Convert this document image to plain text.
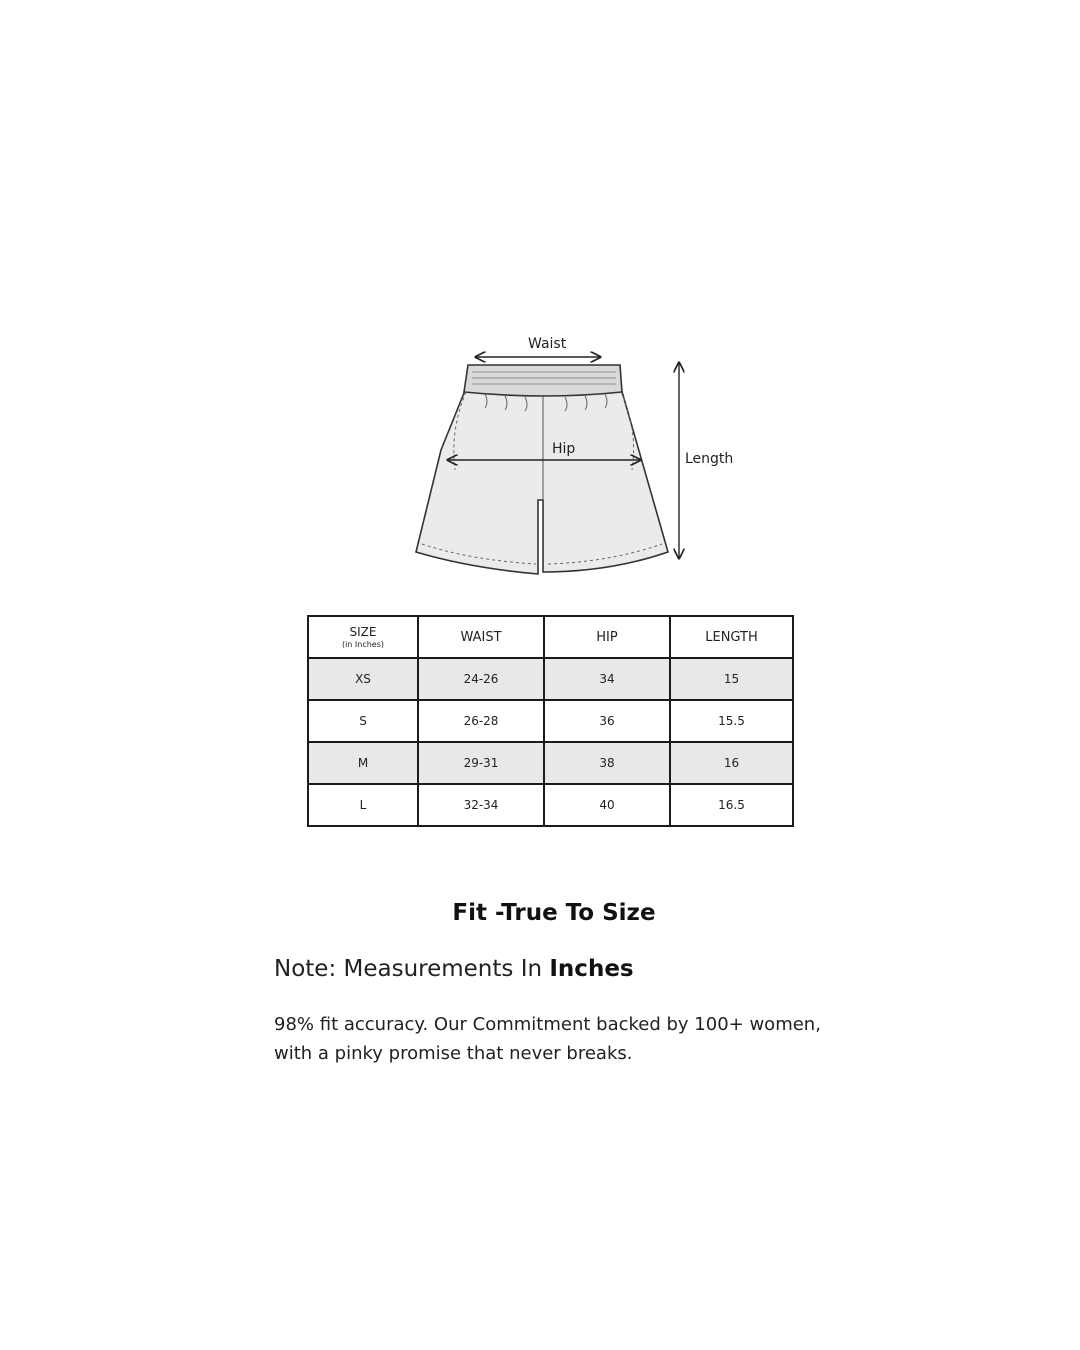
Waist
Hip
Length
SIZE
(in Inches)	WAIST	HIP	LENGTH
XS	24-26	34	15
S	26-28	36	15.5
M	29-31	38	16
L	32-34	40	16.5
Fit -True To Size
Note: Measurements In Inches
98% fit accuracy. Our Commitment backed by 100+ women, with a pinky promise that never breaks.
